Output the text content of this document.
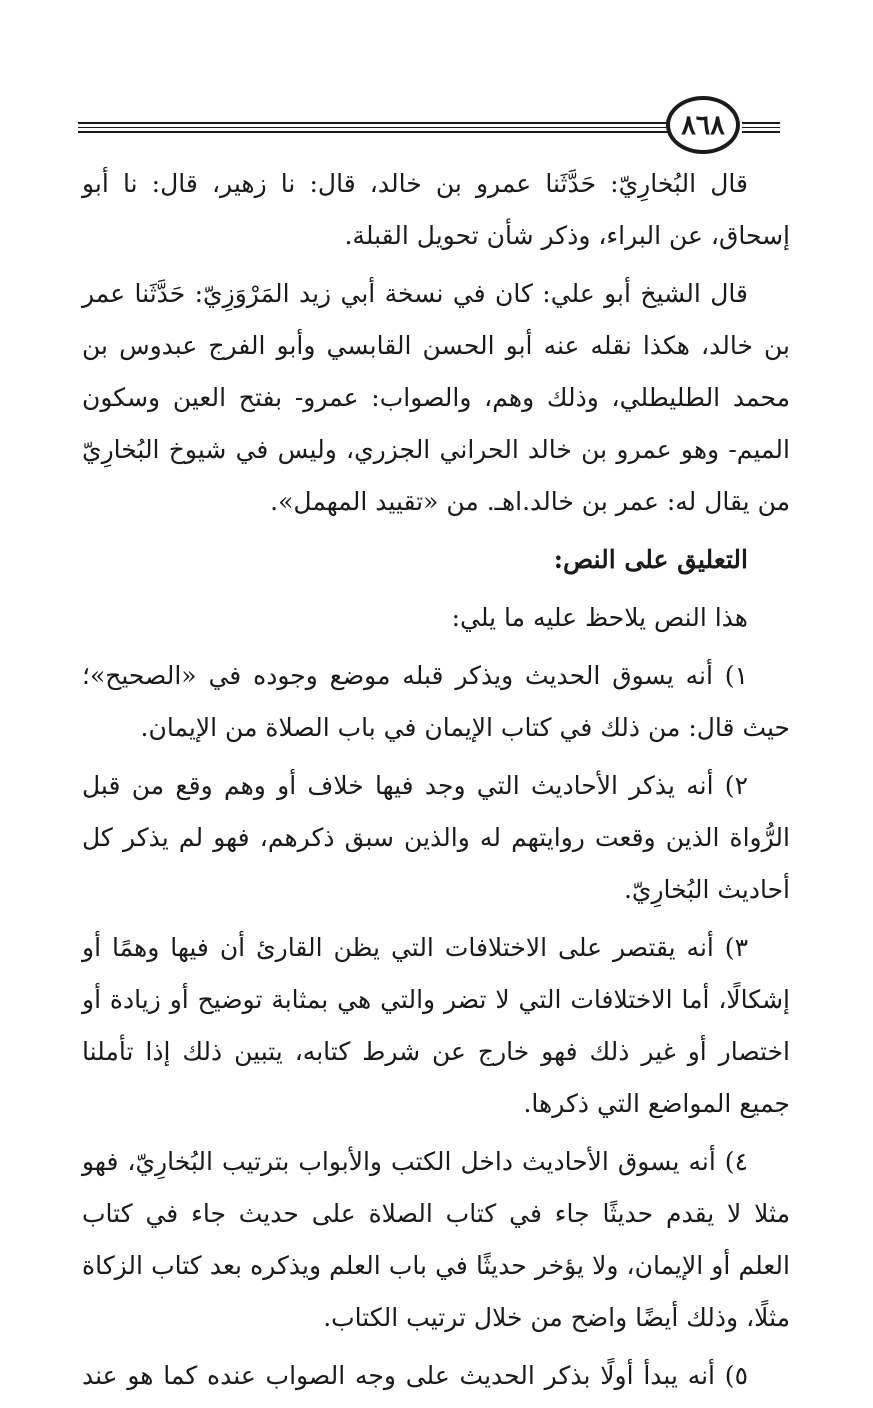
٨٦٨

قال البُخارِيّ: حَدَّثَنا عمرو بن خالد، قال: نا زهير، قال: نا أبو إسحاق، عن البراء، وذكر شأن تحويل القبلة.

قال الشيخ أبو علي: كان في نسخة أبي زيد المَرْوَزِيّ: حَدَّثَنا عمر بن خالد، هكذا نقله عنه أبو الحسن القابسي وأبو الفرج عبدوس بن محمد الطليطلي، وذلك وهم، والصواب: عمرو- بفتح العين وسكون الميم- وهو عمرو بن خالد الحراني الجزري، وليس في شيوخ البُخارِيّ من يقال له: عمر بن خالد.اهـ. من «تقييد المهمل».

التعليق على النص:

هذا النص يلاحظ عليه ما يلي:

١) أنه يسوق الحديث ويذكر قبله موضع وجوده في «الصحيح»؛ حيث قال: من ذلك في كتاب الإيمان في باب الصلاة من الإيمان.

٢) أنه يذكر الأحاديث التي وجد فيها خلاف أو وهم وقع من قبل الرُّواة الذين وقعت روايتهم له والذين سبق ذكرهم، فهو لم يذكر كل أحاديث البُخارِيّ.

٣) أنه يقتصر على الاختلافات التي يظن القارئ أن فيها وهمًا أو إشكالًا، أما الاختلافات التي لا تضر والتي هي بمثابة توضيح أو زيادة أو اختصار أو غير ذلك فهو خارج عن شرط كتابه، يتبين ذلك إذا تأملنا جميع المواضع التي ذكرها.

٤) أنه يسوق الأحاديث داخل الكتب والأبواب بترتيب البُخارِيّ، فهو مثلا لا يقدم حديثًا جاء في كتاب الصلاة على حديث جاء في كتاب العلم أو الإيمان، ولا يؤخر حديثًا في باب العلم ويذكره بعد كتاب الزكاة مثلًا، وذلك أيضًا واضح من خلال ترتيب الكتاب.

٥) أنه يبدأ أولًا بذكر الحديث على وجه الصواب عنده كما هو عند
